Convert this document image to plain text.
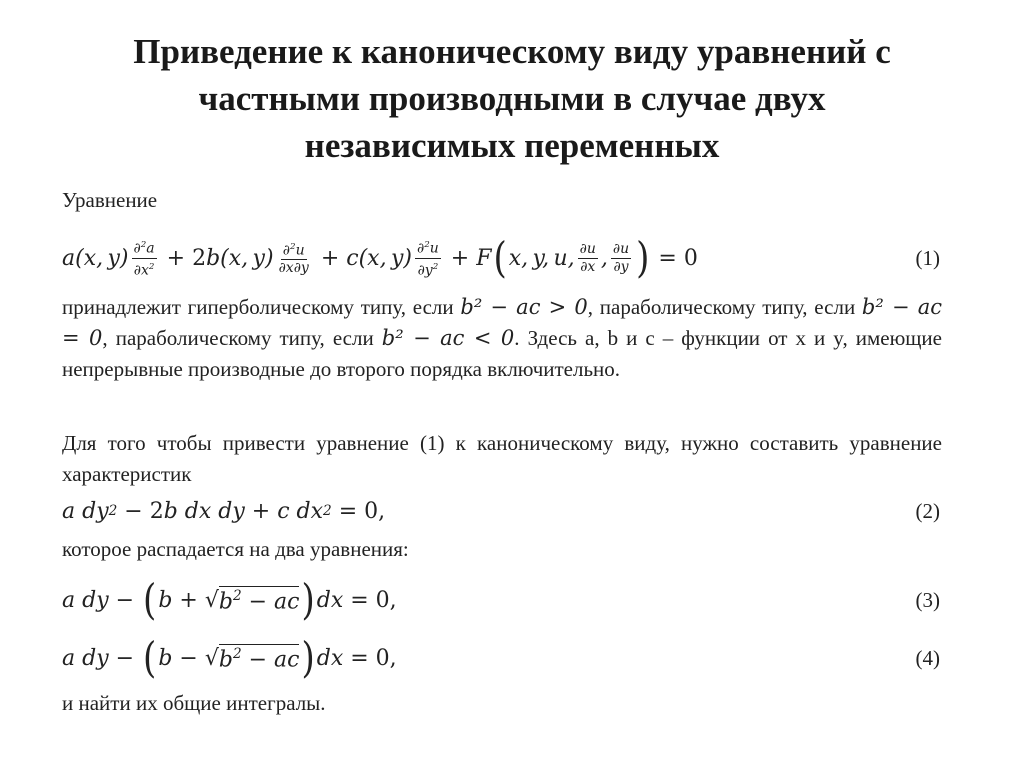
Приведение к каноническому виду уравнений с
частными производными в случае двух
независимых переменных
Уравнение
a(x, $y) \frac{\partial^2a}{\partial x^2} + 2$ b(x, $y) \frac{\partial^2u}{\partial x\partial y} + c(x$, $y) \frac{\partial^2u}{\partial y^2} + F$ ( x, y, u, $\frac{\partial u}{\partial x}$ , $\frac{\partial u}{\partial y}$ ) = 0	(1)
принадлежит гиперболическому типу, если b² − ac > 0, параболическому типу, если b² − ac = 0, параболическому типу, если b² − ac < 0. Здесь a, b и c – функции от x и y, имеющие непрерывные производные до второго порядка включительно.
Для того чтобы привести уравнение (1) к каноническому виду, нужно составить уравнение характеристик
a dy 2 − 2 b dx dy + c dx 2 = 0,	(2)
которое распадается на два уравнения:
a dy − ( b + √ $b^2$ − ac ) dx = 0,	(3)
a dy − ( b − √ $b^2$ − ac ) dx = 0,	(4)
и найти их общие интегралы.
